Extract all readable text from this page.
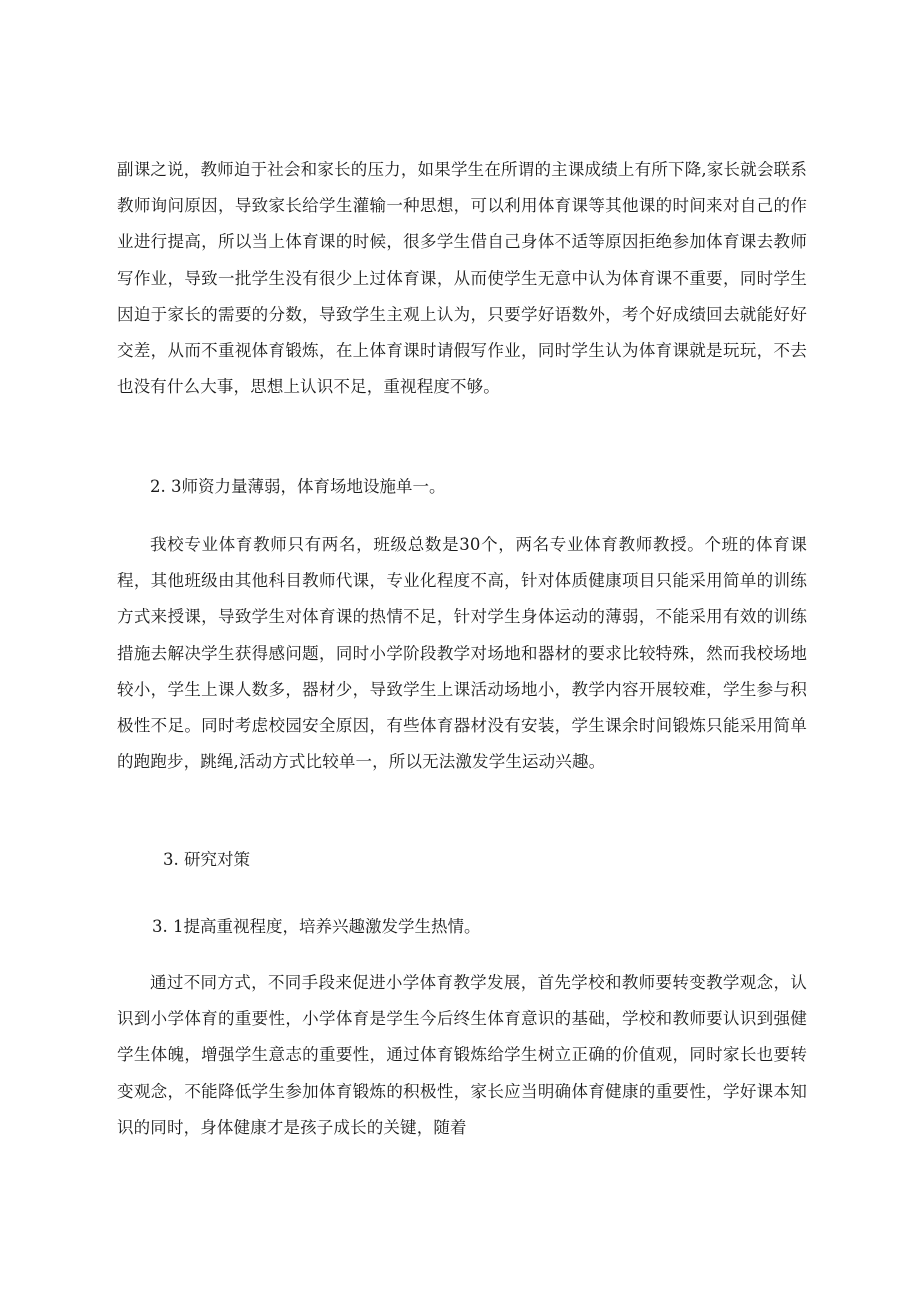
副课之说，教师迫于社会和家长的压力，如果学生在所谓的主课成绩上有所下降,家长就会联系教师询问原因，导致家长给学生灌输一种思想，可以利用体育课等其他课的时间来对自己的作业进行提高，所以当上体育课的时候，很多学生借自己身体不适等原因拒绝参加体育课去教师写作业，导致一批学生没有很少上过体育课，从而使学生无意中认为体育课不重要，同时学生因迫于家长的需要的分数，导致学生主观上认为，只要学好语数外，考个好成绩回去就能好好交差，从而不重视体育锻炼，在上体育课时请假写作业，同时学生认为体育课就是玩玩，不去也没有什么大事，思想上认识不足，重视程度不够。

2. 3师资力量薄弱，体育场地设施单一。

我校专业体育教师只有两名，班级总数是30个，两名专业体育教师教授。个班的体育课程，其他班级由其他科目教师代课，专业化程度不高，针对体质健康项目只能采用简单的训练方式来授课，导致学生对体育课的热情不足，针对学生身体运动的薄弱，不能采用有效的训练措施去解决学生获得感问题，同时小学阶段教学对场地和器材的要求比较特殊，然而我校场地较小，学生上课人数多，器材少，导致学生上课活动场地小，教学内容开展较难，学生参与积极性不足。同时考虑校园安全原因，有些体育器材没有安装，学生课余时间锻炼只能采用简单的跑跑步，跳绳,活动方式比较单一，所以无法激发学生运动兴趣。

3. 研究对策

3. 1提高重视程度，培养兴趣激发学生热情。

通过不同方式，不同手段来促进小学体育教学发展，首先学校和教师要转变教学观念，认识到小学体育的重要性，小学体育是学生今后终生体育意识的基础，学校和教师要认识到强健学生体魄，增强学生意志的重要性，通过体育锻炼给学生树立正确的价值观，同时家长也要转变观念，不能降低学生参加体育锻炼的积极性，家长应当明确体育健康的重要性，学好课本知识的同时，身体健康才是孩子成长的关键，随着
